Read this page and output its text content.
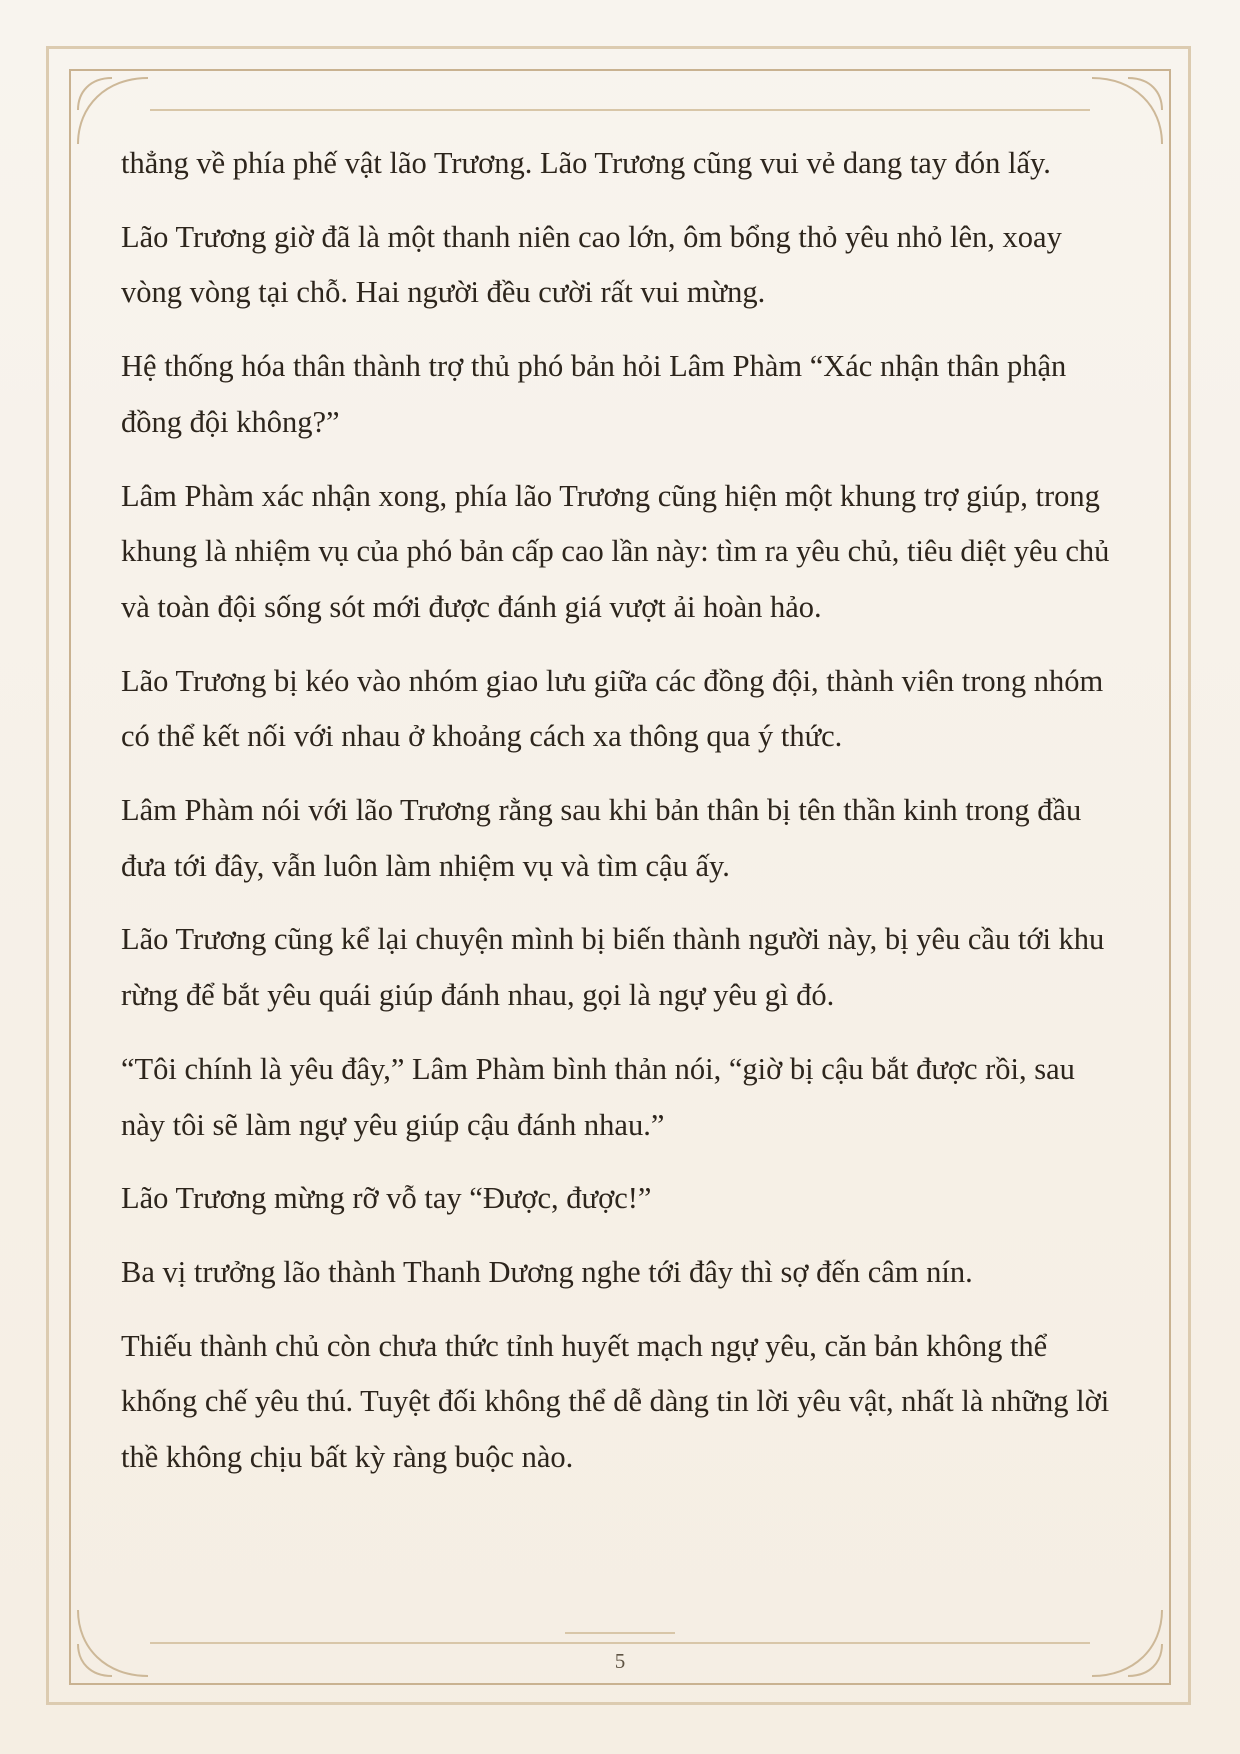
thẳng về phía phế vật lão Trương. Lão Trương cũng vui vẻ dang tay đón lấy.

Lão Trương giờ đã là một thanh niên cao lớn, ôm bổng thỏ yêu nhỏ lên, xoay vòng vòng tại chỗ. Hai người đều cười rất vui mừng.

Hệ thống hóa thân thành trợ thủ phó bản hỏi Lâm Phàm “Xác nhận thân phận đồng đội không?”

Lâm Phàm xác nhận xong, phía lão Trương cũng hiện một khung trợ giúp, trong khung là nhiệm vụ của phó bản cấp cao lần này: tìm ra yêu chủ, tiêu diệt yêu chủ và toàn đội sống sót mới được đánh giá vượt ải hoàn hảo.

Lão Trương bị kéo vào nhóm giao lưu giữa các đồng đội, thành viên trong nhóm có thể kết nối với nhau ở khoảng cách xa thông qua ý thức.

Lâm Phàm nói với lão Trương rằng sau khi bản thân bị tên thần kinh trong đầu đưa tới đây, vẫn luôn làm nhiệm vụ và tìm cậu ấy.

Lão Trương cũng kể lại chuyện mình bị biến thành người này, bị yêu cầu tới khu rừng để bắt yêu quái giúp đánh nhau, gọi là ngự yêu gì đó.

“Tôi chính là yêu đây,” Lâm Phàm bình thản nói, “giờ bị cậu bắt được rồi, sau này tôi sẽ làm ngự yêu giúp cậu đánh nhau.”

Lão Trương mừng rỡ vỗ tay “Được, được!”

Ba vị trưởng lão thành Thanh Dương nghe tới đây thì sợ đến câm nín.

Thiếu thành chủ còn chưa thức tỉnh huyết mạch ngự yêu, căn bản không thể khống chế yêu thú. Tuyệt đối không thể dễ dàng tin lời yêu vật, nhất là những lời thề không chịu bất kỳ ràng buộc nào.

5
